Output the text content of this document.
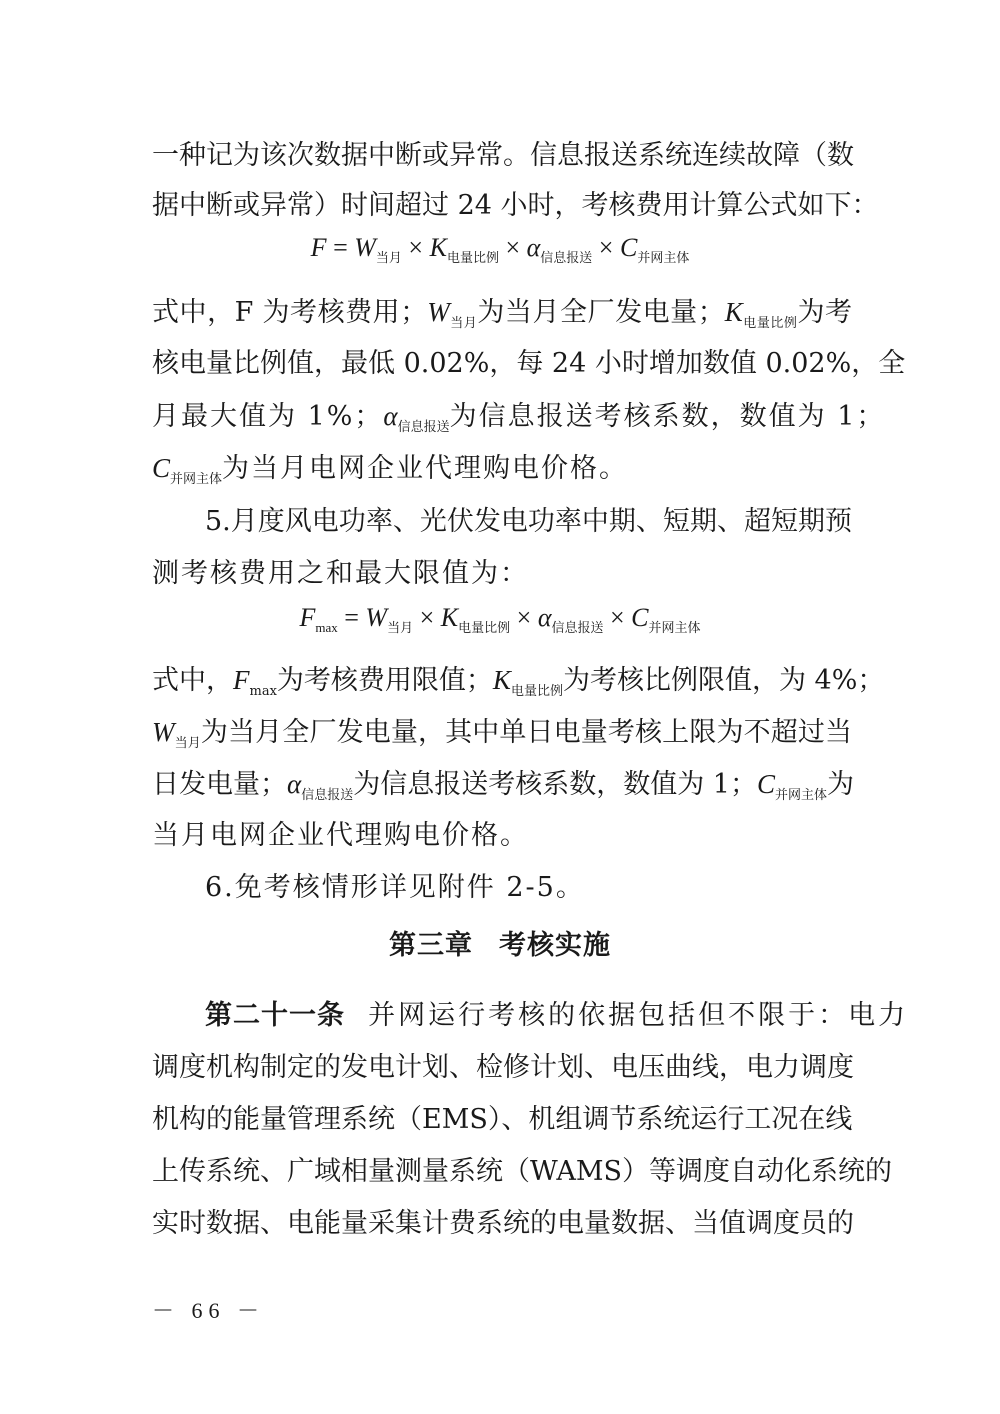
一种记为该次数据中断或异常。信息报送系统连续故障（数
据中断或异常）时间超过 24 小时，考核费用计算公式如下：
$F = W_{当月} \times K_{电量比例} \times \alpha_{信息报送} \times C_{并网主体}$
式中，F 为考核费用；$W_{当月}$为当月全厂发电量；$K_{电量比例}$为考
核电量比例值，最低 0.02%，每 24 小时增加数值 0.02%，全
月最大值为 1%；$\alpha_{信息报送}$为信息报送考核系数，数值为 1；
$C_{并网主体}$为当月电网企业代理购电价格。
5.月度风电功率、光伏发电功率中期、短期、超短期预
测考核费用之和最大限值为：
$F_{max} = W_{当月} \times K_{电量比例} \times \alpha_{信息报送} \times C_{并网主体}$
式中，$F_{max}$为考核费用限值；$K_{电量比例}$为考核比例限值，为 4%；
$W_{当月}$为当月全厂发电量，其中单日电量考核上限为不超过当
日发电量；$\alpha_{信息报送}$为信息报送考核系数，数值为 1；$C_{并网主体}$为
当月电网企业代理购电价格。
6.免考核情形详见附件 2-5。
第三章 考核实施
第二十一条 并网运行考核的依据包括但不限于：电力
调度机构制定的发电计划、检修计划、电压曲线，电力调度
机构的能量管理系统（EMS）、机组调节系统运行工况在线
上传系统、广域相量测量系统（WAMS）等调度自动化系统的
实时数据、电能量采集计费系统的电量数据、当值调度员的
－ 66 －
